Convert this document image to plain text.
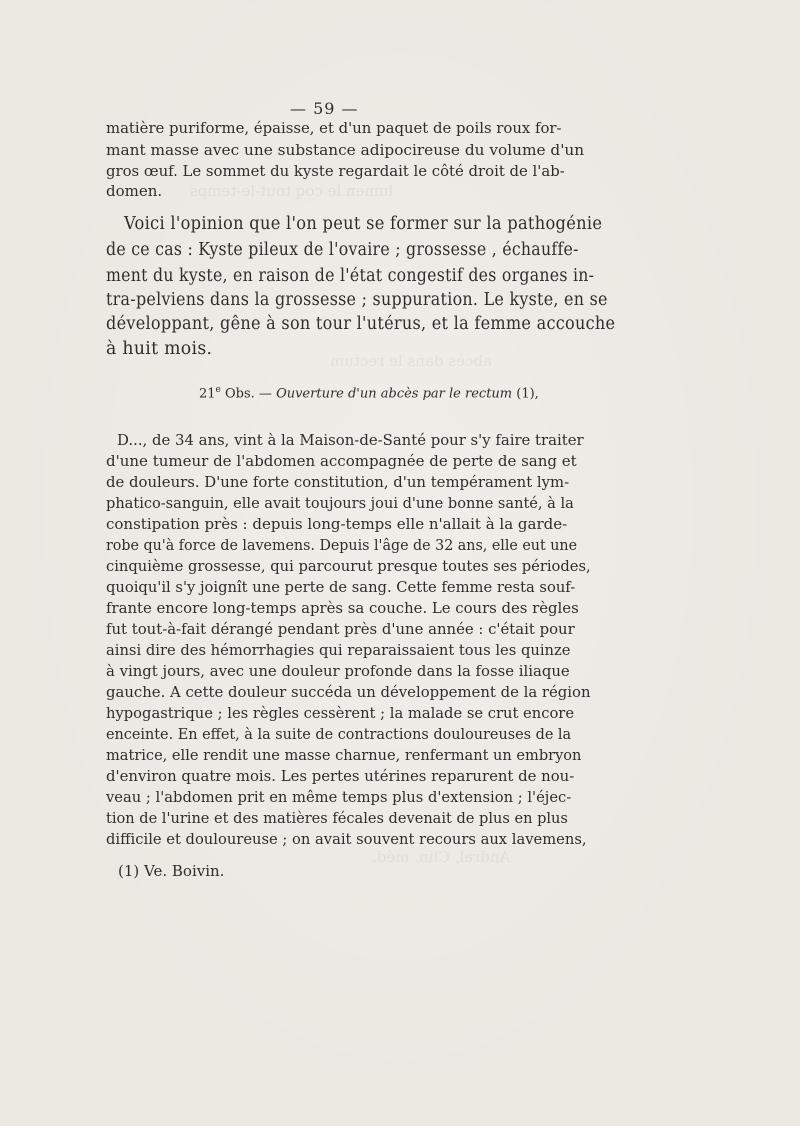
lumen le coq tout-le-temps
abcès dans le rectum
Andral, Clin. méd.
— 59 —
matière puriforme, épaisse, et d'un paquet de poils roux for-
mant masse avec une substance adipocireuse du volume d'un
gros œuf. Le sommet du kyste regardait le côté droit de l'ab-
domen.
Voici l'opinion que l'on peut se former sur la pathogénie
de ce cas : Kyste pileux de l'ovaire ; grossesse , échauffe-
ment du kyste, en raison de l'état congestif des organes in-
tra-pelviens dans la grossesse ; suppuration. Le kyste, en se
développant, gêne à son tour l'utérus, et la femme accouche
à huit mois.
21e Obs. — Ouverture d'un abcès par le rectum (1),
D..., de 34 ans, vint à la Maison-de-Santé pour s'y faire traiter
d'une tumeur de l'abdomen accompagnée de perte de sang et
de douleurs. D'une forte constitution, d'un tempérament lym-
phatico-sanguin, elle avait toujours joui d'une bonne santé, à la
constipation près : depuis long-temps elle n'allait à la garde-
robe qu'à force de lavemens. Depuis l'âge de 32 ans, elle eut une
cinquième grossesse, qui parcourut presque toutes ses périodes,
quoiqu'il s'y joignît une perte de sang. Cette femme resta souf-
frante encore long-temps après sa couche. Le cours des règles
fut tout-à-fait dérangé pendant près d'une année : c'était pour
ainsi dire des hémorrhagies qui reparaissaient tous les quinze
à vingt jours, avec une douleur profonde dans la fosse iliaque
gauche. A cette douleur succéda un développement de la région
hypogastrique ; les règles cessèrent ; la malade se crut encore
enceinte. En effet, à la suite de contractions douloureuses de la
matrice, elle rendit une masse charnue, renfermant un embryon
d'environ quatre mois. Les pertes utérines reparurent de nou-
veau ; l'abdomen prit en même temps plus d'extension ; l'éjec-
tion de l'urine et des matières fécales devenait de plus en plus
difficile et douloureuse ; on avait souvent recours aux lavemens,
(1) Ve. Boivin.
